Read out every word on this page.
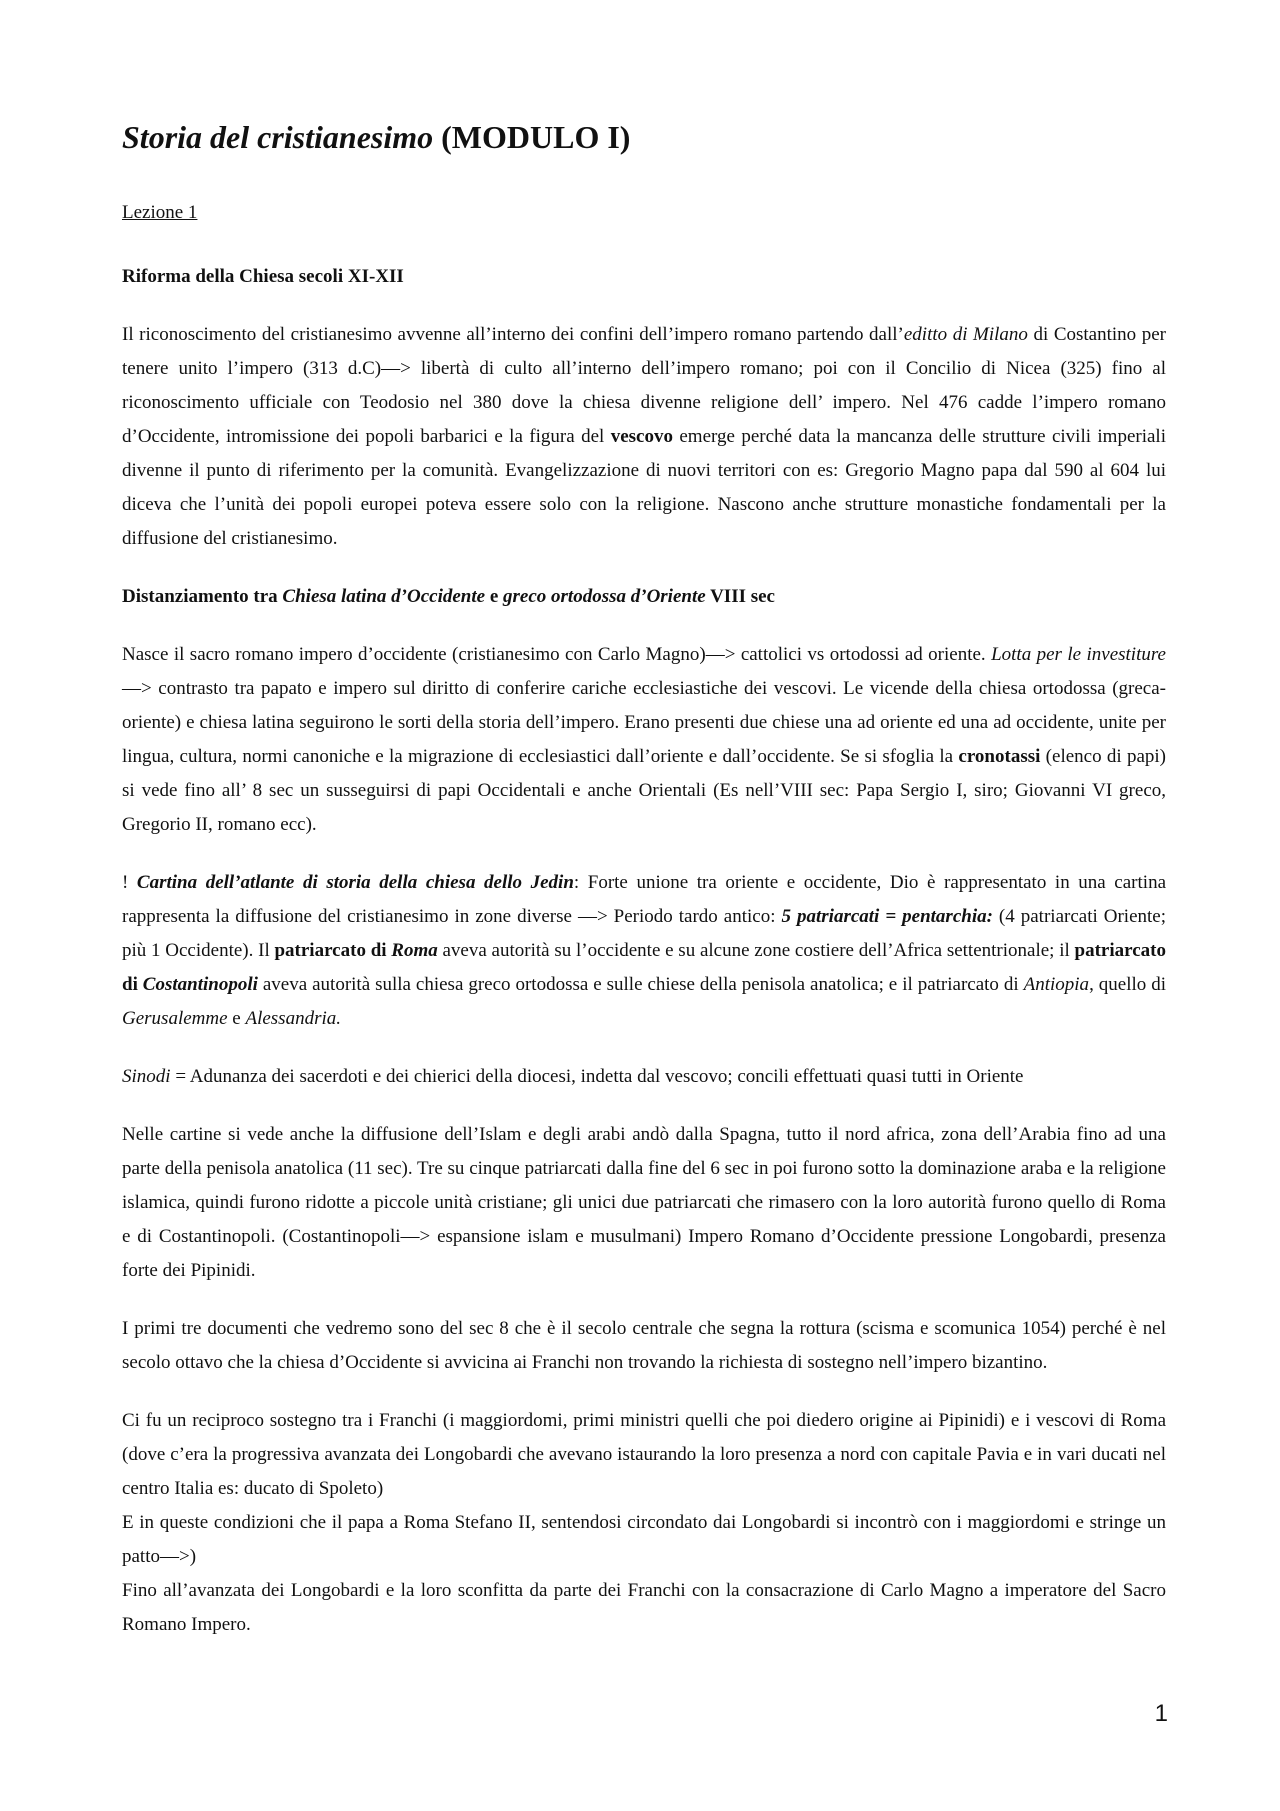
Storia del cristianesimo (MODULO I)
Lezione 1
Riforma della Chiesa secoli XI-XII

Il riconoscimento del cristianesimo avvenne all’interno dei confini dell’impero romano partendo dall’editto di Milano di Costantino per tenere unito l’impero (313 d.C)—> libertà di culto all’interno dell’impero romano; poi con il Concilio di Nicea (325) fino al riconoscimento ufficiale con Teodosio nel 380 dove la chiesa divenne religione dell’ impero. Nel 476 cadde l’impero romano d’Occidente, intromissione dei popoli barbarici e la figura del vescovo emerge perché data la mancanza delle strutture civili imperiali divenne il punto di riferimento per la comunità. Evangelizzazione di nuovi territori con es: Gregorio Magno papa dal 590 al 604 lui diceva che l’unità dei popoli europei poteva essere solo con la religione. Nascono anche strutture monastiche fondamentali per la diffusione del cristianesimo.

Distanziamento tra Chiesa latina d’Occidente e greco ortodossa d’Oriente VIII sec

Nasce il sacro romano impero d’occidente (cristianesimo con Carlo Magno)—> cattolici vs ortodossi ad oriente. Lotta per le investiture—> contrasto tra papato e impero sul diritto di conferire cariche ecclesiastiche dei vescovi. Le vicende della chiesa ortodossa (greca- oriente) e chiesa latina seguirono le sorti della storia dell’impero. Erano presenti due chiese una ad oriente ed una ad occidente, unite per lingua, cultura, normi canoniche e la migrazione di ecclesiastici dall’oriente e dall’occidente. Se si sfoglia la cronotassi (elenco di papi) si vede fino all’ 8 sec un susseguirsi di papi Occidentali e anche Orientali (Es nell’VIII sec: Papa Sergio I, siro; Giovanni VI greco, Gregorio II, romano ecc).

! Cartina dell’atlante di storia della chiesa dello Jedin: Forte unione tra oriente e occidente, Dio è rappresentato in una cartina rappresenta la diffusione del cristianesimo in zone diverse —> Periodo tardo antico: 5 patriarcati = pentarchia: (4 patriarcati Oriente; più 1 Occidente). Il patriarcato di Roma aveva autorità su l’occidente e su alcune zone costiere dell’Africa settentrionale; il patriarcato di Costantinopoli aveva autorità sulla chiesa greco ortodossa e sulle chiese della penisola anatolica; e il patriarcato di Antiopia, quello di Gerusalemme e Alessandria.

Sinodi = Adunanza dei sacerdoti e dei chierici della diocesi, indetta dal vescovo; concili effettuati quasi tutti in Oriente

Nelle cartine si vede anche la diffusione dell’Islam e degli arabi andò dalla Spagna, tutto il nord africa, zona dell’Arabia fino ad una parte della penisola anatolica (11 sec). Tre su cinque patriarcati dalla fine del 6 sec in poi furono sotto la dominazione araba e la religione islamica, quindi furono ridotte a piccole unità cristiane; gli unici due patriarcati che rimasero con la loro autorità furono quello di Roma e di Costantinopoli. (Costantinopoli—> espansione islam e musulmani) Impero Romano d’Occidente pressione Longobardi, presenza forte dei Pipinidi.

I primi tre documenti che vedremo sono del sec 8 che è il secolo centrale che segna la rottura (scisma e scomunica 1054) perché è nel secolo ottavo che la chiesa d’Occidente si avvicina ai Franchi non trovando la richiesta di sostegno nell’impero bizantino.

Ci fu un reciproco sostegno tra i Franchi (i maggiordomi, primi ministri quelli che poi diedero origine ai Pipinidi) e i vescovi di Roma (dove c’era la progressiva avanzata dei Longobardi che avevano istaurando la loro presenza a nord con capitale Pavia e in vari ducati nel centro Italia es: ducato di Spoleto)

E in queste condizioni che il papa a Roma Stefano II, sentendosi circondato dai Longobardi si incontrò con i maggiordomi e stringe un patto—>)

Fino all’avanzata dei Longobardi e la loro sconfitta da parte dei Franchi con la consacrazione di Carlo Magno a imperatore del Sacro Romano Impero.

1
